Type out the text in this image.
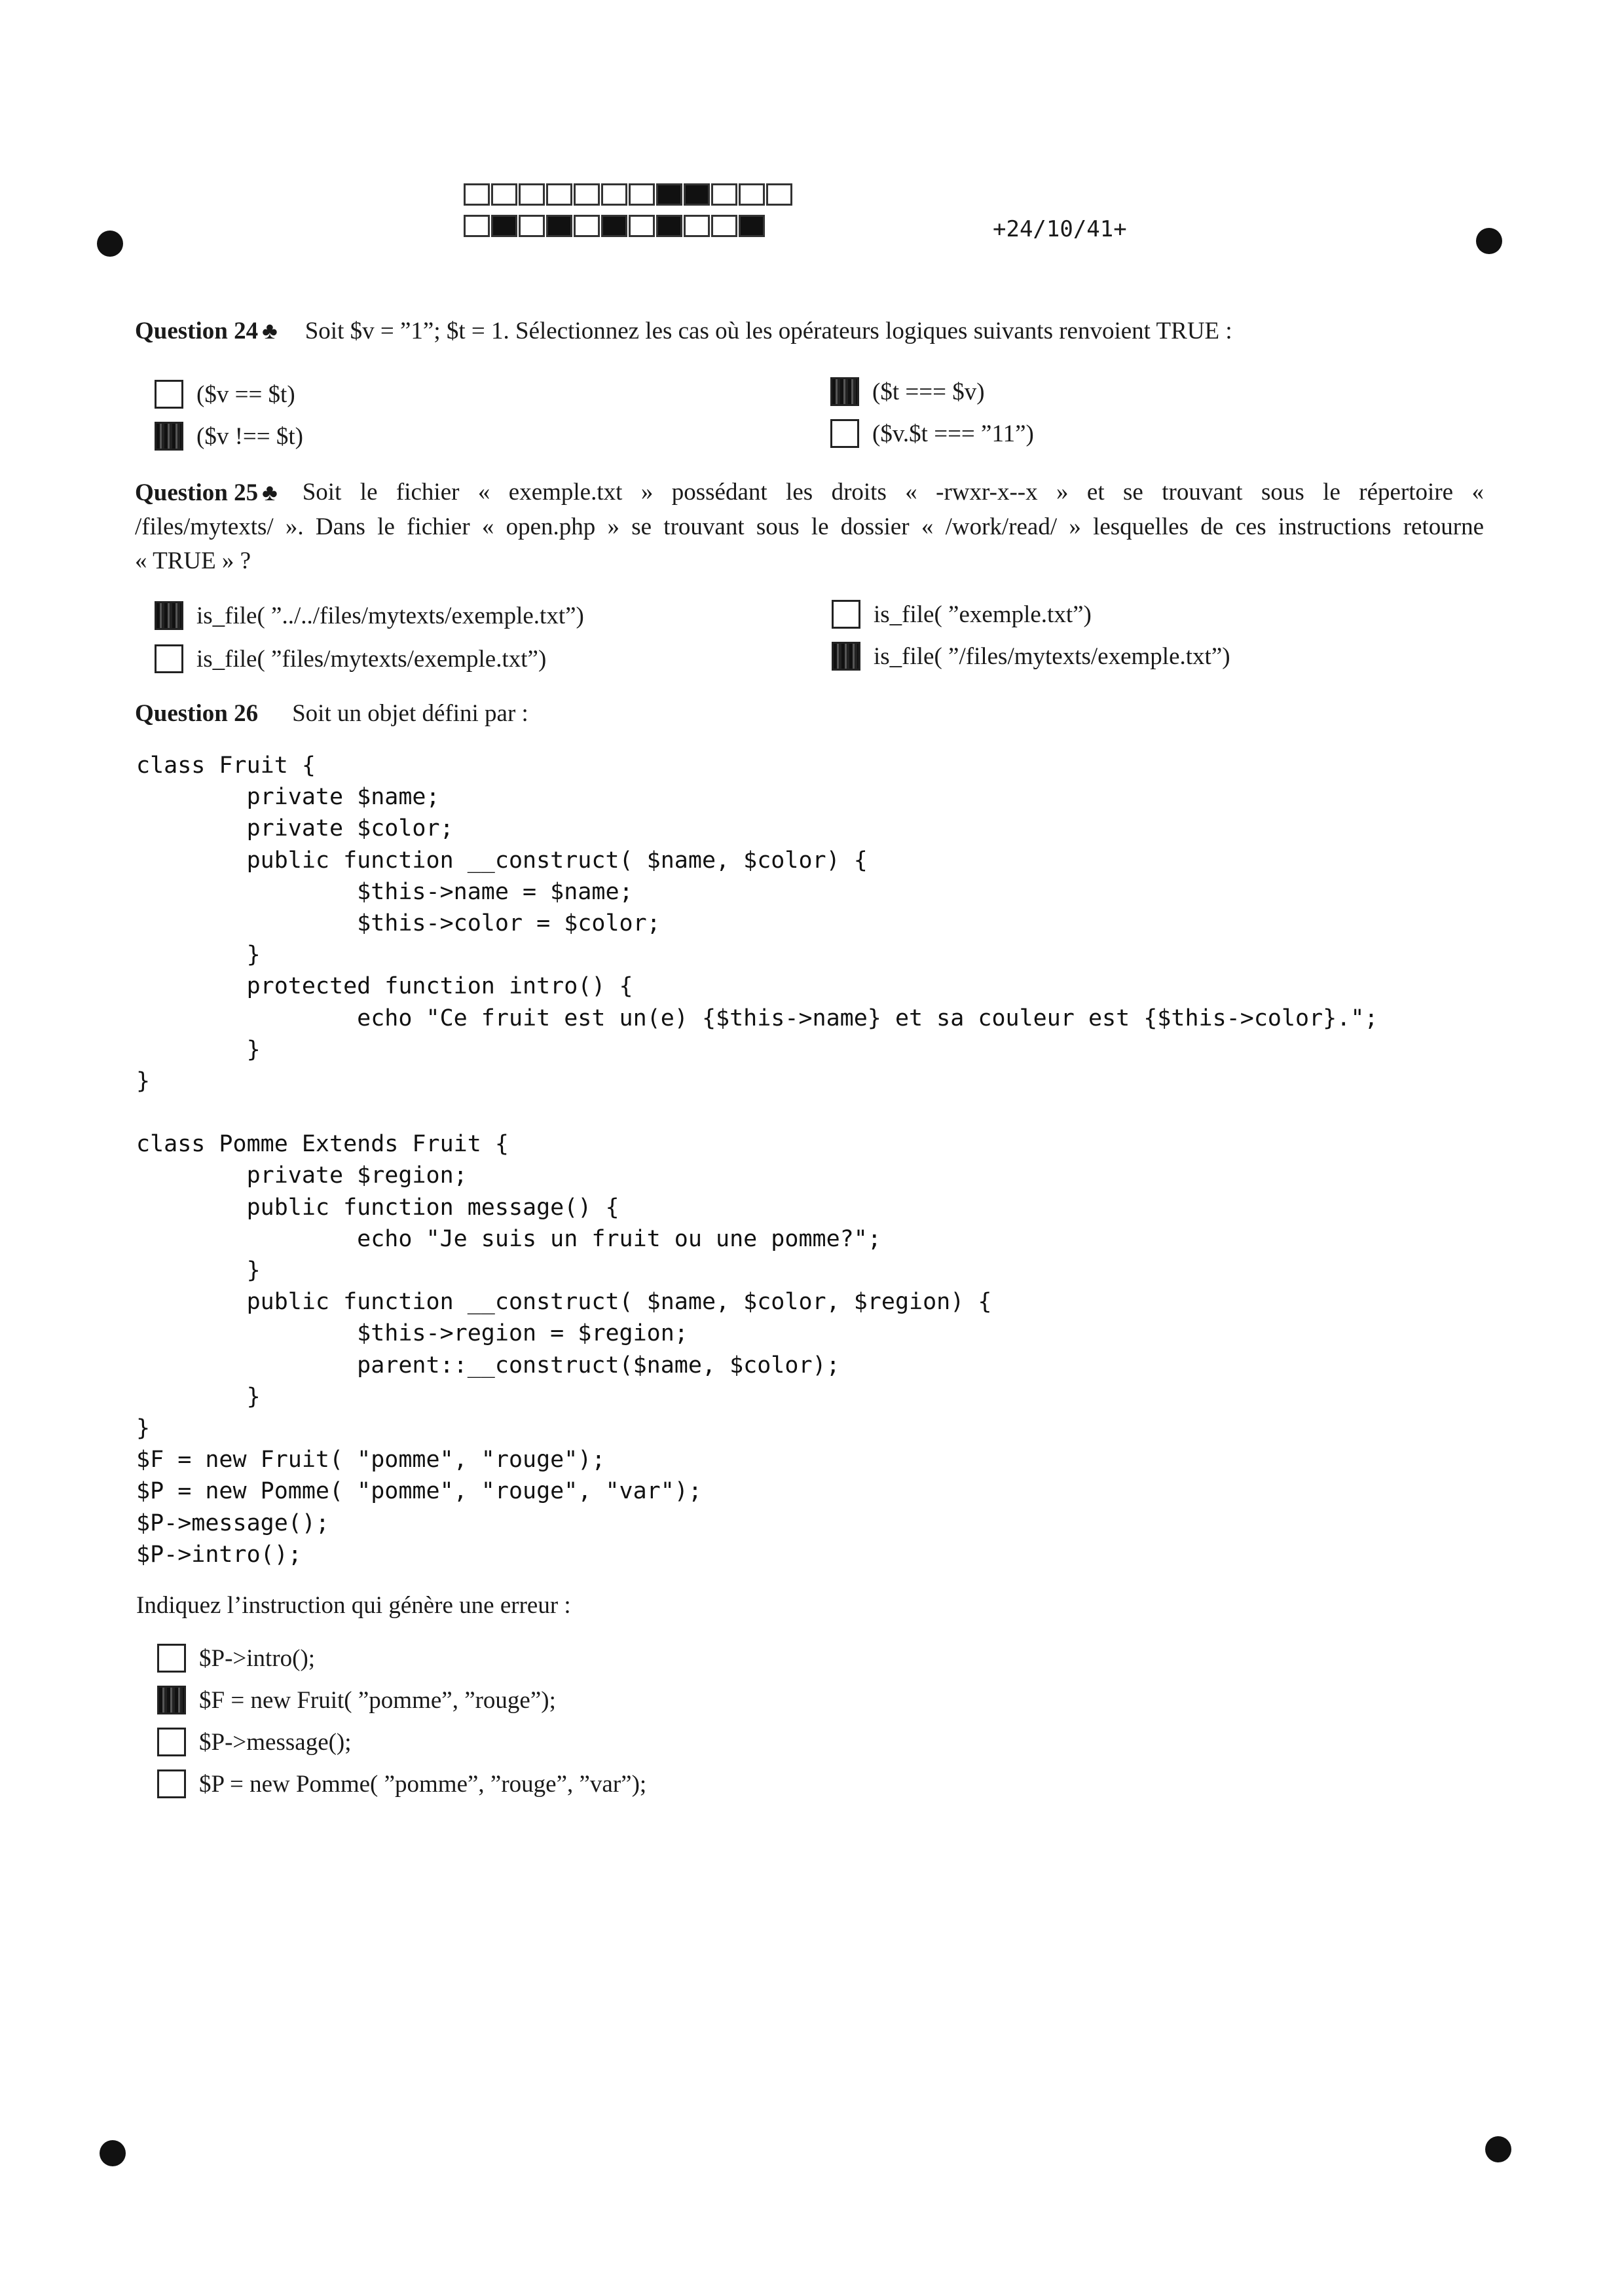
+24/10/41+
Question 24 ♣ Soit $v = ”1”; $t = 1. Sélectionnez les cas où les opérateurs logiques suivants renvoient TRUE :
($v == $t)	($t === $v)
($v !== $t)	($v.$t === ”11”)
Question 25 ♣ Soit le fichier « exemple.txt » possédant les droits « -rwxr-x--x » et se trouvant sous le répertoire «
/files/mytexts/ ». Dans le fichier « open.php » se trouvant sous le dossier « /work/read/ » lesquelles de ces instructions retourne
« TRUE » ?
is_file( ”../../files/mytexts/exemple.txt”)	is_file( ”exemple.txt”)
is_file( ”files/mytexts/exemple.txt”)	is_file( ”/files/mytexts/exemple.txt”)
Question 26 Soit un objet défini par :
class Fruit {
private $name;
private $color;
public function __construct( $name, $color) {
$this->name = $name;
$this->color = $color;
}
protected function intro() {
echo "Ce fruit est un(e) {$this->name} et sa couleur est {$this->color}.";
}
}
class Pomme Extends Fruit {
private $region;
public function message() {
echo "Je suis un fruit ou une pomme?";
}
public function __construct( $name, $color, $region) {
$this->region = $region;
parent::__construct($name, $color);
}
}
$F = new Fruit( "pomme", "rouge");
$P = new Pomme( "pomme", "rouge", "var");
$P->message();
$P->intro();
Indiquez l’instruction qui génère une erreur :
$P->intro();
$F = new Fruit( ”pomme”, ”rouge”);
$P->message();
$P = new Pomme( ”pomme”, ”rouge”, ”var”);
